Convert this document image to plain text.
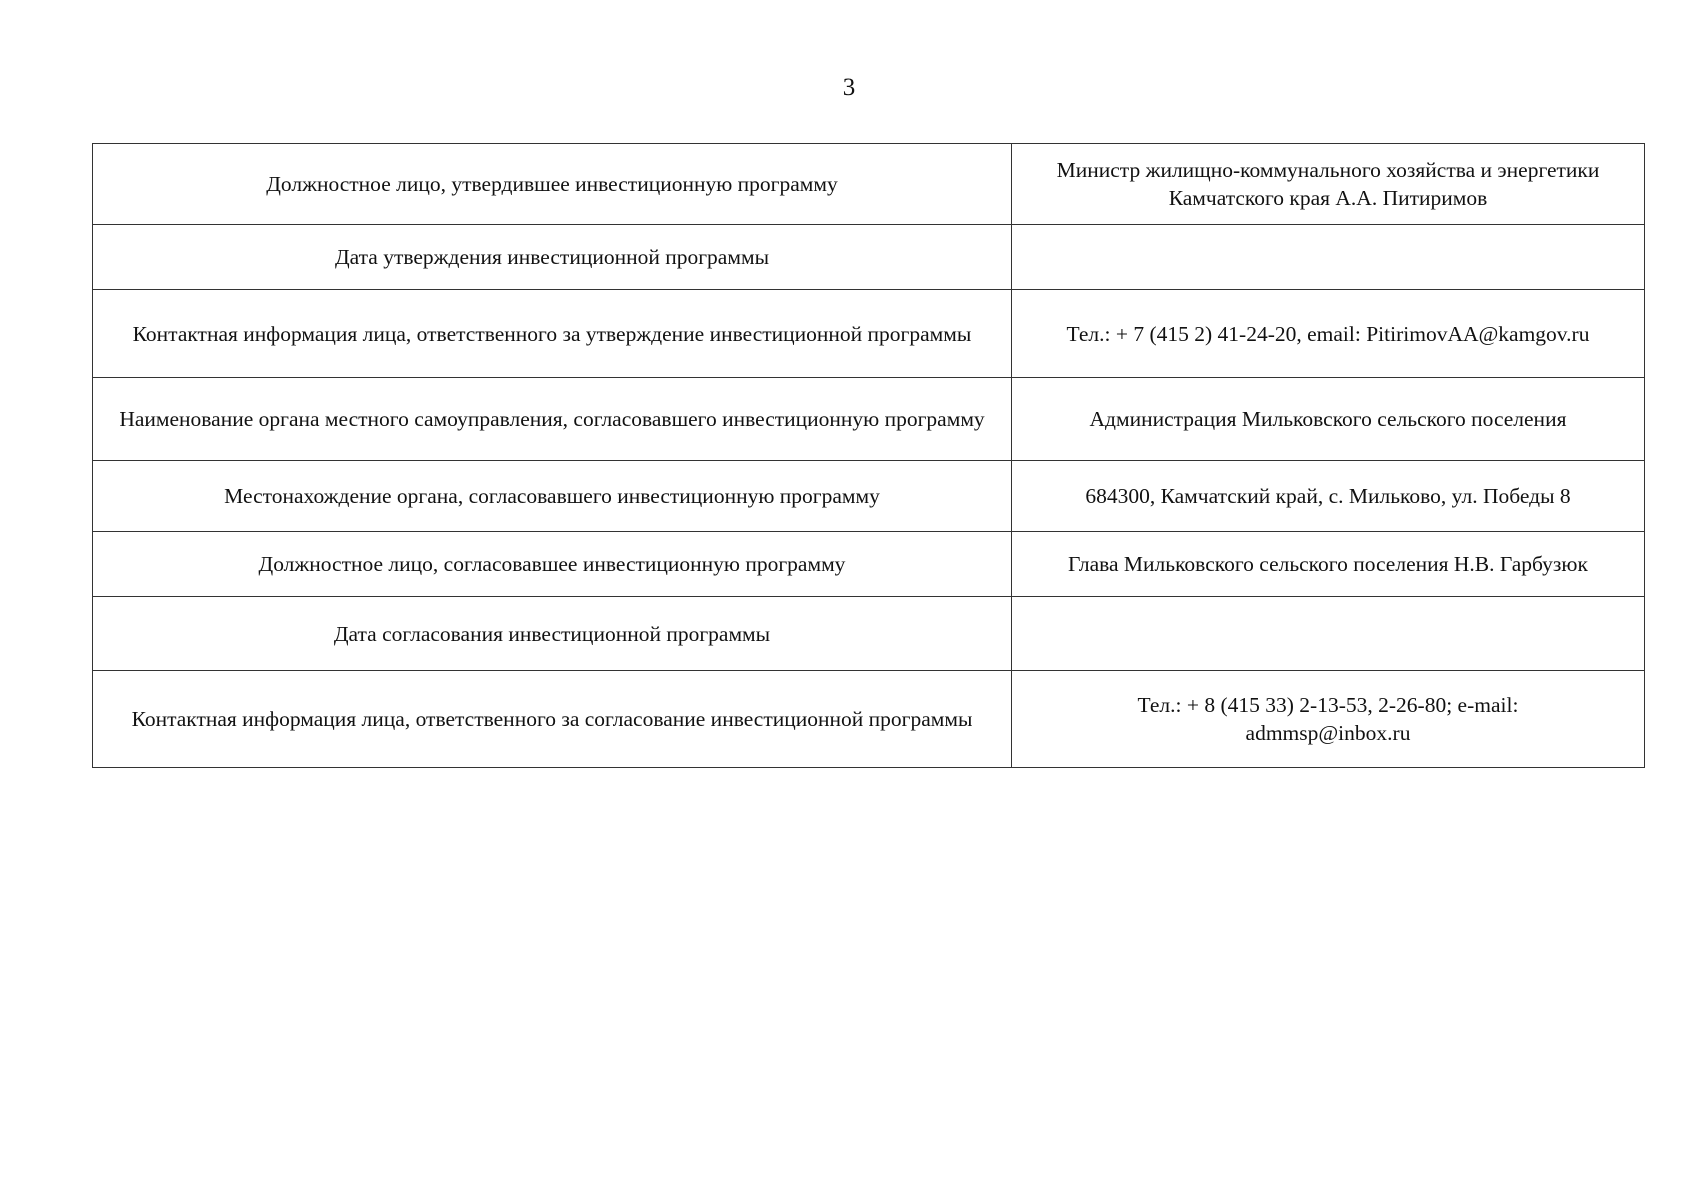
3
Должностное лицо, утвердившее инвестиционную программу	Министр жилищно-коммунального хозяйства и энергетики Камчатского края А.А. Питиримов
Дата утверждения инвестиционной программы	
Контактная информация лица, ответственного за утверждение инвестиционной программы	Тел.: + 7 (415 2) 41-24-20, email: PitirimovAA@kamgov.ru
Наименование органа местного самоуправления, согласовавшего инвестиционную программу	Администрация Мильковского сельского поселения
Местонахождение органа, согласовавшего инвестиционную программу	684300, Камчатский край, с. Мильково, ул. Победы 8
Должностное лицо, согласовавшее инвестиционную программу	Глава Мильковского сельского поселения Н.В. Гарбузюк
Дата согласования инвестиционной программы	
Контактная информация лица, ответственного за согласование инвестиционной программы	Тел.: + 8 (415 33) 2-13-53, 2-26-80; e-mail: admmsp@inbox.ru
